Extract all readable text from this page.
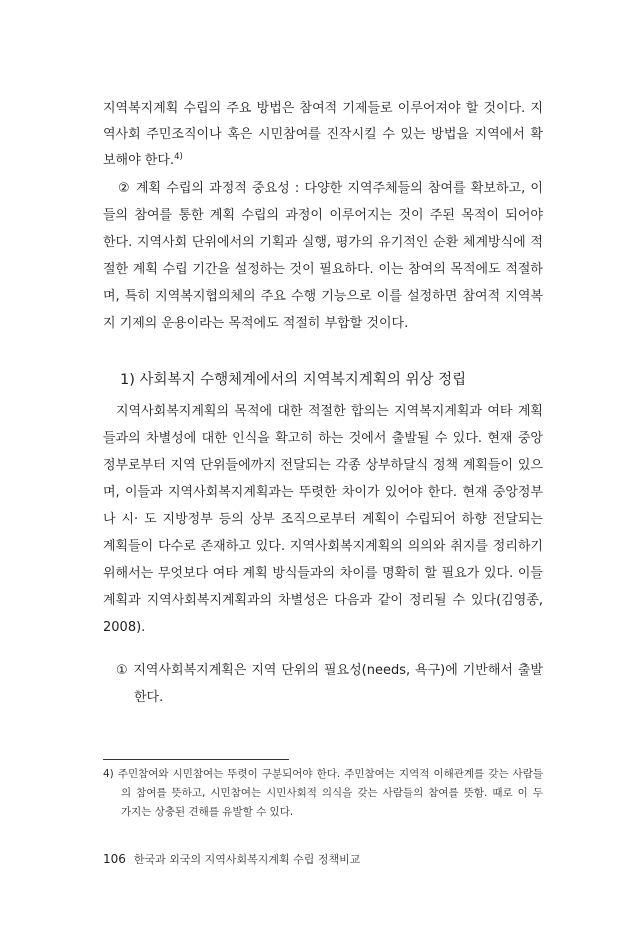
지역복지계획 수립의 주요 방법은 참여적 기제들로 이루어져야 할 것이다. 지
역사회 주민조직이나 혹은 시민참여를 진작시킬 수 있는 방법을 지역에서 확
보해야 한다.$^{4)}$
② 계획 수립의 과정적 중요성 : 다양한 지역주체들의 참여를 확보하고, 이
들의 참여를 통한 계획 수립의 과정이 이루어지는 것이 주된 목적이 되어야
한다. 지역사회 단위에서의 기획과 실행, 평가의 유기적인 순환 체계방식에 적
절한 계획 수립 기간을 설정하는 것이 필요하다. 이는 참여의 목적에도 적절하
며, 특히 지역복지협의체의 주요 수행 기능으로 이를 설정하면 참여적 지역복
지 기제의 운용이라는 목적에도 적절히 부합할 것이다.
1) 사회복지 수행체계에서의 지역복지계획의 위상 정립
지역사회복지계획의 목적에 대한 적절한 합의는 지역복지계획과 여타 계획
들과의 차별성에 대한 인식을 확고히 하는 것에서 출발될 수 있다. 현재 중앙
정부로부터 지역 단위들에까지 전달되는 각종 상부하달식 정책 계획들이 있으
며, 이들과 지역사회복지계획과는 뚜렷한 차이가 있어야 한다. 현재 중앙정부
나 시· 도 지방정부 등의 상부 조직으로부터 계획이 수립되어 하향 전달되는
계획들이 다수로 존재하고 있다. 지역사회복지계획의 의의와 취지를 정리하기
위해서는 무엇보다 여타 계획 방식들과의 차이를 명확히 할 필요가 있다. 이들
계획과 지역사회복지계획과의 차별성은 다음과 같이 정리될 수 있다(김영종,
2008).
① 지역사회복지계획은 지역 단위의 필요성(needs, 욕구)에 기반해서 출발
한다.
4) 주민참여와 시민참여는 뚜렷이 구분되어야 한다. 주민참여는 지역적 이해관계를 갖는 사람들
의 참여를 뜻하고, 시민참여는 시민사회적 의식을 갖는 사람들의 참여를 뜻함. 때로 이 두
가지는 상충된 견해를 유발할 수 있다.
106 한국과 외국의 지역사회복지계획 수립 정책비교
